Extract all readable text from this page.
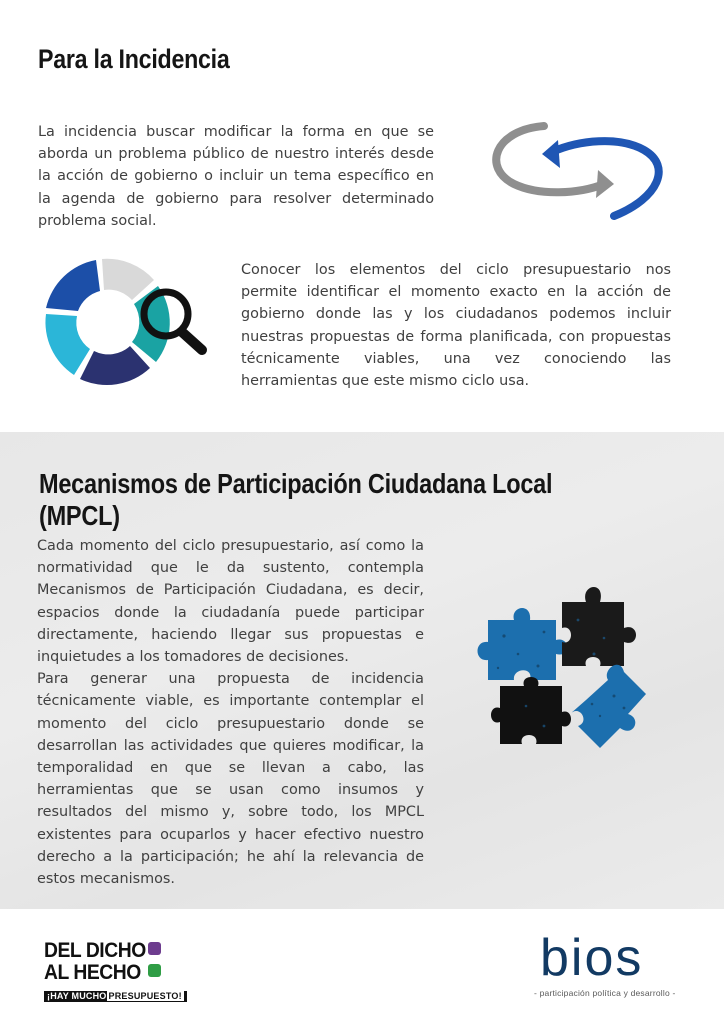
Para la Incidencia

La incidencia buscar modificar la forma en que se aborda un problema público de nuestro interés desde la acción de gobierno o incluir un tema específico en la agenda de gobierno para resolver determinado problema social.

Conocer los elementos del ciclo presupuestario nos permite identificar el momento exacto en la acción de gobierno donde las y los ciudadanos podemos incluir nuestras propuestas de forma planificada, con propuestas técnicamente viables, una vez conociendo las herramientas que este mismo ciclo usa.

Mecanismos de Participación Ciudadana Local (MPCL)
Cada momento del ciclo presupuestario, así como la normatividad que le da sustento, contempla Mecanismos de Participación Ciudadana, es decir, espacios donde la ciudadanía puede participar directamente, haciendo llegar sus propuestas e inquietudes a los tomadores de decisiones.
Para generar una propuesta de incidencia técnicamente viable, es importante contemplar el momento del ciclo presupuestario donde se desarrollan las actividades que quieres modificar, la temporalidad en que se llevan a cabo, las herramientas que se usan como insumos y resultados del mismo y, sobre todo, los MPCL existentes para ocuparlos y hacer efectivo nuestro derecho a la participación; he ahí la relevancia de estos mecanismos.
DEL DICHO
AL HECHO
¡HAY MUCHO PRESUPUESTO!
bios
- participación política y desarrollo -
